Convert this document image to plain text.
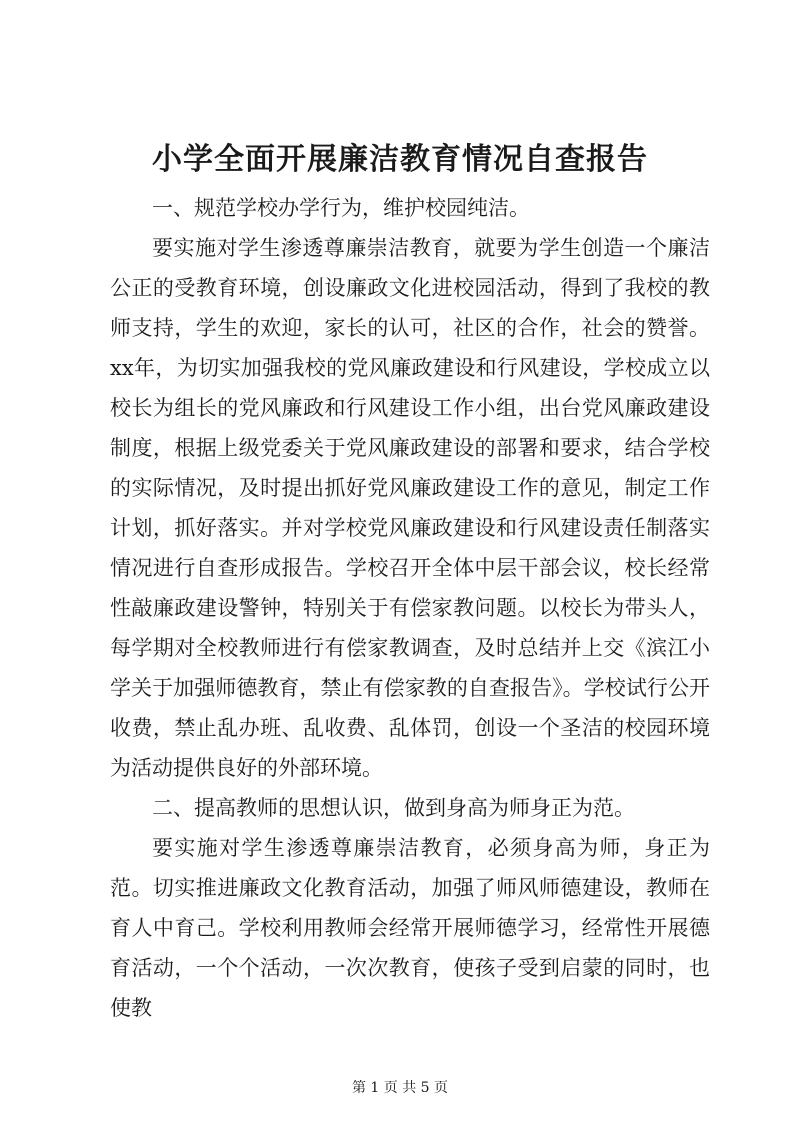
小学全面开展廉洁教育情况自查报告

一、规范学校办学行为，维护校园纯洁。

要实施对学生渗透尊廉崇洁教育，就要为学生创造一个廉洁公正的受教育环境，创设廉政文化进校园活动，得到了我校的教师支持，学生的欢迎，家长的认可，社区的合作，社会的赞誉。xx年，为切实加强我校的党风廉政建设和行风建设，学校成立以校长为组长的党风廉政和行风建设工作小组，出台党风廉政建设制度，根据上级党委关于党风廉政建设的部署和要求，结合学校的实际情况，及时提出抓好党风廉政建设工作的意见，制定工作计划，抓好落实。并对学校党风廉政建设和行风建设责任制落实情况进行自查形成报告。学校召开全体中层干部会议，校长经常性敲廉政建设警钟，特别关于有偿家教问题。以校长为带头人，每学期对全校教师进行有偿家教调查，及时总结并上交《滨江小学关于加强师德教育，禁止有偿家教的自查报告》。学校试行公开收费，禁止乱办班、乱收费、乱体罚，创设一个圣洁的校园环境为活动提供良好的外部环境。

二、提高教师的思想认识，做到身高为师身正为范。

要实施对学生渗透尊廉崇洁教育，必须身高为师，身正为范。切实推进廉政文化教育活动，加强了师风师德建设，教师在育人中育己。学校利用教师会经常开展师德学习，经常性开展德育活动，一个个活动，一次次教育，使孩子受到启蒙的同时，也使教

第 1 页 共 5 页
